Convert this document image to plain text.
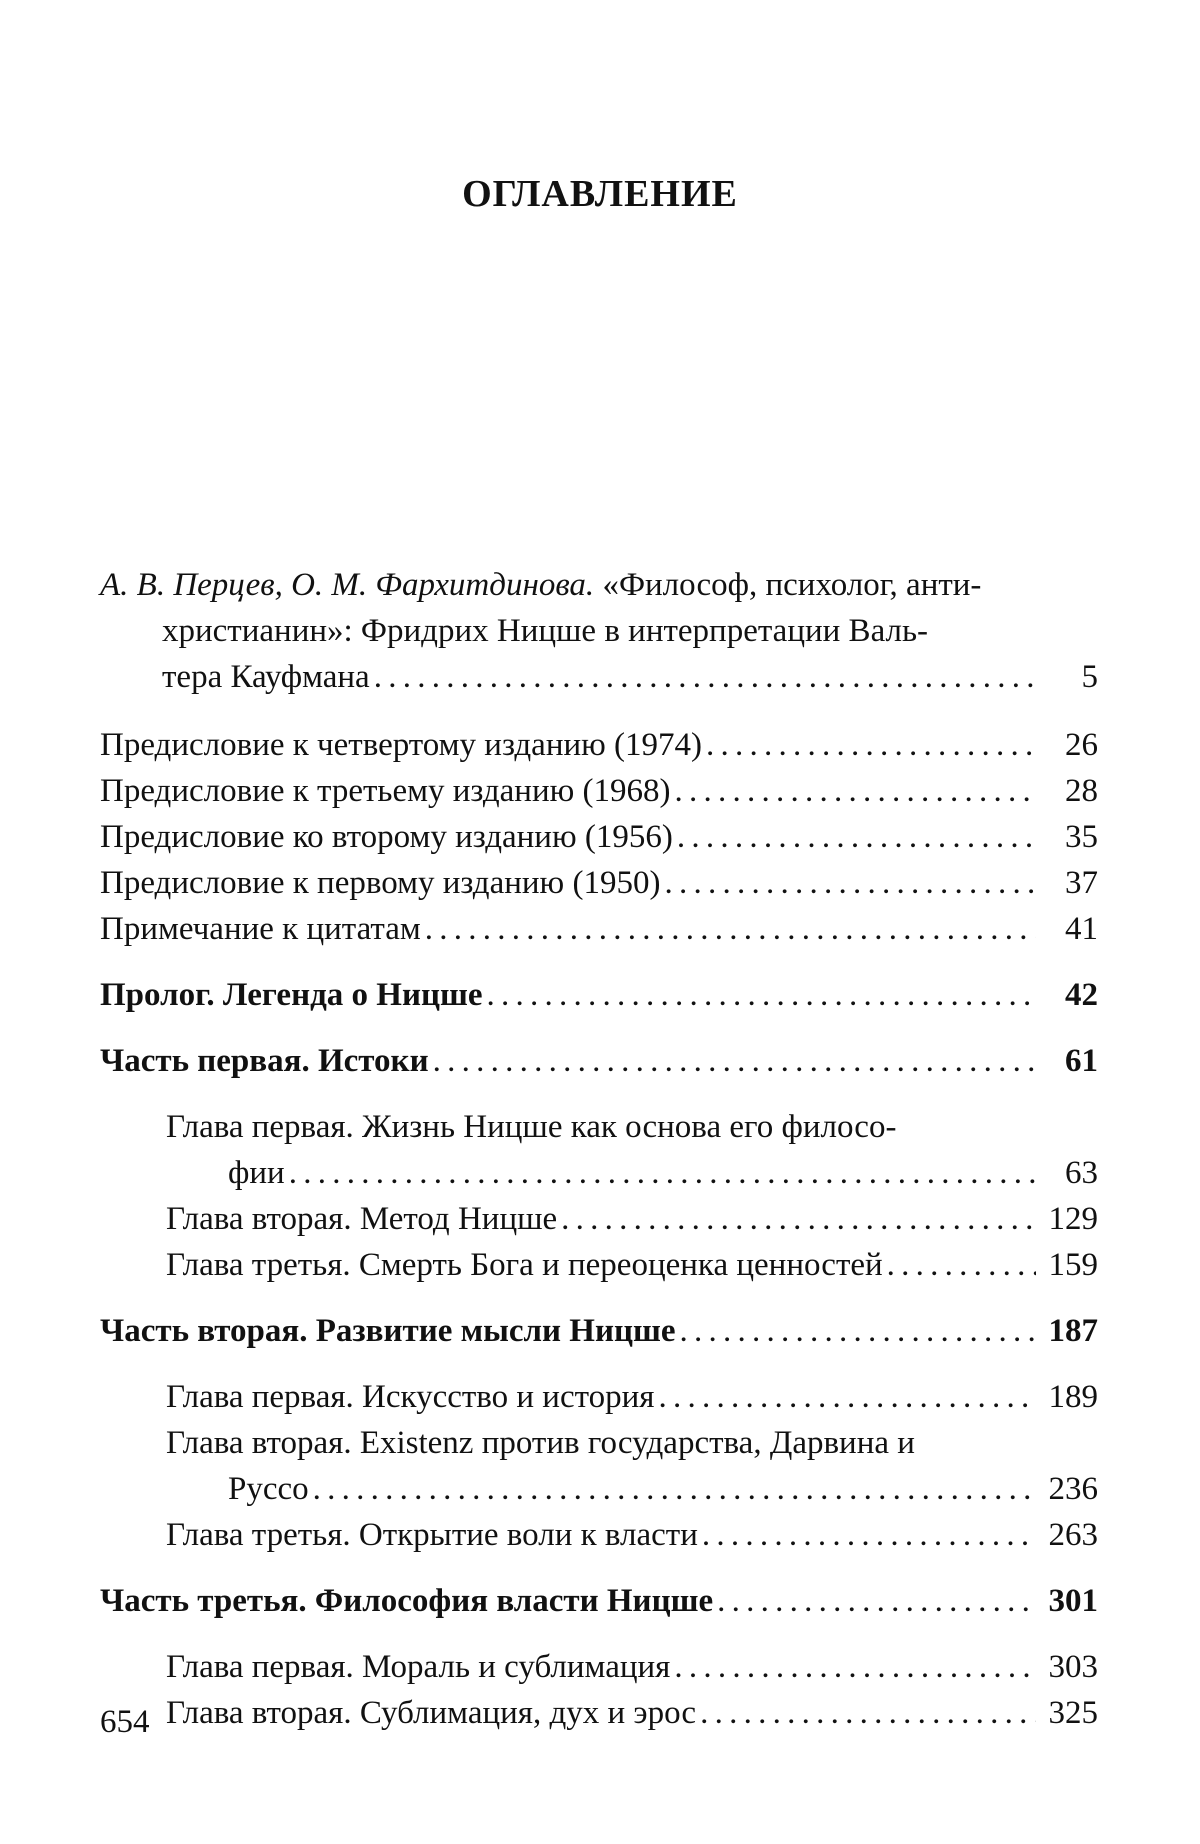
ОГЛАВЛЕНИЕ
А. В. Перцев, О. М. Фархитдинова. «Философ, психолог, анти-
христианин»: Фридрих Ницше в интерпретации Валь-
тера Кауфмана . . .	5
Предисловие к четвертому изданию (1974) . . .	26
Предисловие к третьему изданию (1968) . . .	28
Предисловие ко второму изданию (1956) . . .	35
Предисловие к первому изданию (1950) . . .	37
Примечание к цитатам . . .	41
Пролог. Легенда о Ницше . . .	42
Часть первая. Истоки . . .	61
Глава первая. Жизнь Ницше как основа его филосо-
фии . . .	63
Глава вторая. Метод Ницше . . .	129
Глава третья. Смерть Бога и переоценка ценностей . . .	159
Часть вторая. Развитие мысли Ницше . . .	187
Глава первая. Искусство и история . . .	189
Глава вторая. Existenz против государства, Дарвина и
Руссо . . .	236
Глава третья. Открытие воли к власти . . .	263
Часть третья. Философия власти Ницше . . .	301
Глава первая. Мораль и сублимация . . .	303
Глава вторая. Сублимация, дух и эрос . . .	325
654
